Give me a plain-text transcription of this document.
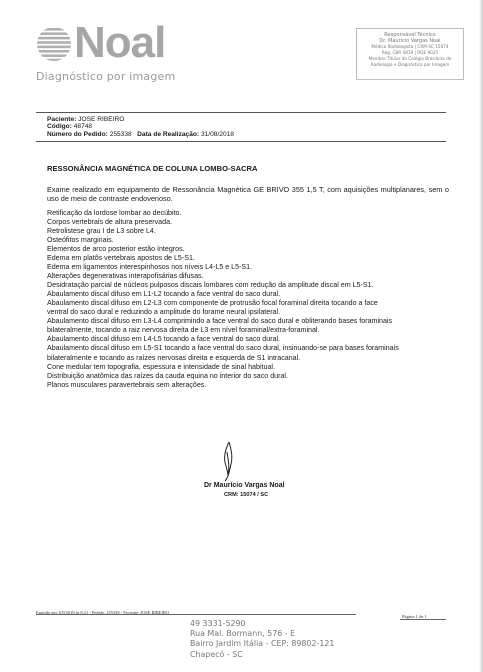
Noal
Diagnóstico por imagem
Responsável Técnico
Dr. Maurício Vargas Noal
Médico Radiologista | CRM-SC 15074
Reg. CBR 4819 | RQE 9025
Membro Titular do Colégio Brasileiro de
Radiologia e Diagnóstico por Imagem
Paciente: JOSE RIBEIRO
Código: 48748
Número do Pedido: 255338 Data de Realização: 31/08/2018
RESSONÂNCIA MAGNÉTICA DE COLUNA LOMBO-SACRA
Exame realizado em equipamento de Ressonância Magnética GE BRIVO 355 1,5 T, com aquisições multiplanares, sem o uso de meio de contraste endovenoso.
Retificação da lordose lombar ao decúbito.
Corpos vertebrais de altura preservada.
Retrolistese grau I de L3 sobre L4.
Osteófitos marginais.
Elementos de arco posterior estão íntegros.
Edema em platôs vertebrais apostos de L5-S1.
Edema em ligamentos interespinhosos nos níveis L4-L5 e L5-S1.
Alterações degenerativas interapofisárias difusas.
Desidratação parcial de núcleos pulposos discais lombares com redução da amplitude discal em L5-S1.
Abaulamento discal difuso em L1-L2 tocando a face ventral do saco dural.
Abaulamento discal difuso em L2-L3 com componente de protrusão focal foraminal direita tocando a face
ventral do saco dural e reduzindo a amplitude do forame neural ipsilateral.
Abaulamento discal difuso em L3-L4 comprimindo a face ventral do saco dural e obliterando bases foraminais
bilateralmente, tocando a raiz nervosa direita de L3 em nível foraminal/extra-foraminal.
Abaulamento discal difuso em L4-L5 tocando a face ventral do saco dural.
Abaulamento discal difuso em L5-S1 tocando a face ventral do saco dural, insinuando-se para bases foraminais
bilateralmente e tocando as raízes nervosas direita e esquerda de S1 intracanal.
Cone medular tem topografia, espessura e intensidade de sinal habitual.
Distribuição anatômica das raízes da cauda equina no interior do saco dural.
Planos musculares paravertebrais sem alterações.
Dr Maurício Vargas Noal
CRM: 15074 / SC
Emitido em: 6/9/2018 às 8:21 - Pedido: 255338 - Paciente: JOSE RIBEIRO
Página 1 de 1
49 3331-5290
Rua Mal. Bormann, 576 - E
Bairro Jardim Itália - CEP: 89802-121
Chapecó - SC
